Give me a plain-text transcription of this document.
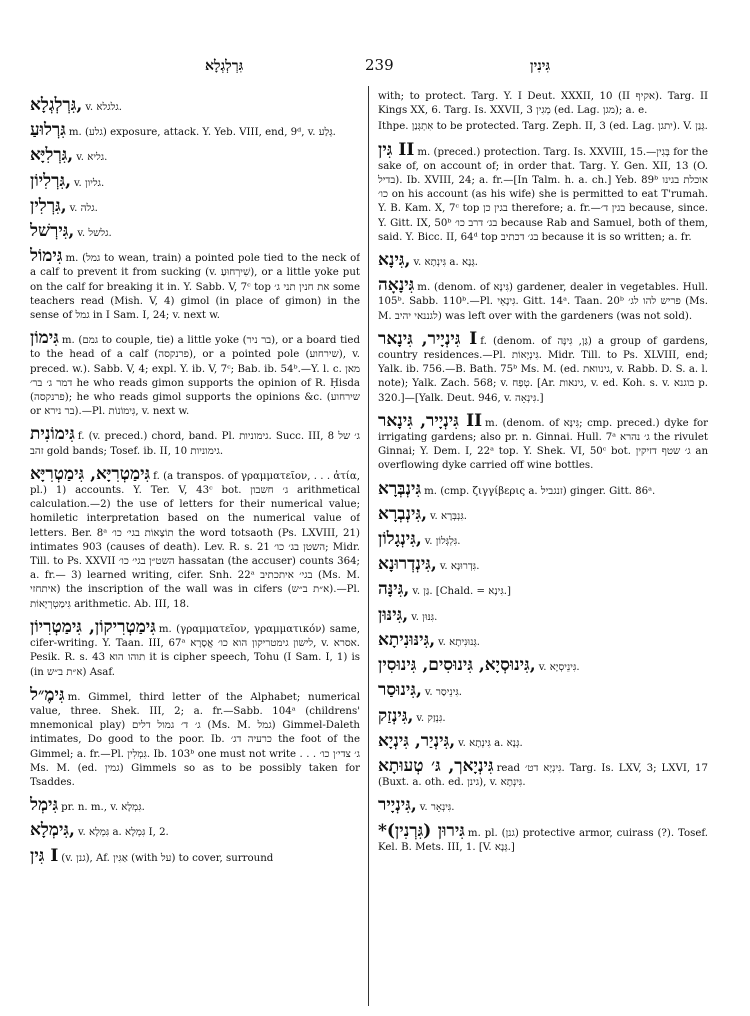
גִּרְלְגְלָא	239	גִּינִין
גִּרְלְגְלָא, v. גלגלא.
גִּרְלוּעַ m. (גלע) exposure, attack. Y. Yeb. VIII, end, 9ᵈ, v. גְּלַע.
גִּרְלִיָּא, v. גליא.
גִּרְלִיוֹן, v. גליון.
גִּרְלִין, v. גלה.
גִּירְשׁל, v. גלשל.
גִּימוֹל m. (גמל to wean, train) a pointed pole tied to the neck of a calf to prevent it from sucking (v. שִׁירְחוּעַ), or a little yoke put on the calf for breaking it in. Y. Sabb. V, 7ᶜ top את חנין תני ג׳ some teachers read (Mish. V, 4) gimol (in place of gimon) in the sense of גמל in I Sam. I, 24; v. next w.
גִּימוֹן m. (גמם to couple, tie) a little yoke (בר ניר), or a board tied to the head of a calf (פרנקסה), or a pointed pole (שירחוע), v. preced. w.). Sabb. V, 4; expl. Y. ib. V, 7ᶜ; Bab. ib. 54ᵇ.—Y. l. c. מאן דמר ג׳ בר׳ he who reads gimon supports the opinion of R. Ḥisda (פרנקסה); he who reads gimol supports the opinions &c. (שירחוע or בר נירא).—Pl. גִּימוֹנוֹת, v. next w.
גִּימוֹנִית f. (v. preced.) chord, band. Pl. גימוניות. Succ. III, 8 ג׳ של זהב gold bands; Tosef. ib. II, 10 גימוניות.
גִּימַטְרִיָּא, גִּימַטְרִיָּא f. (a transpos. of γραμματεῖον, . . . ἀτία, pl.) 1) accounts. Y. Ter. V, 43ᶜ bot. ג׳ חשבון arithmetical calculation.—2) the use of letters for their numerical value; homiletic interpretation based on the numerical value of letters. Ber. 8ᵃ תוֹצָאוֹת בגי׳ כו׳ the word totsaoth (Ps. LXVIII, 21) intimates 903 (causes of death). Lev. R. s. 21 השטן בג׳ כו׳; Midr. Till. to Ps. XXVII השט״ן בגי׳ כו׳ hassatan (the accuser) counts 364; a. fr.— 3) learned writing, cifer. Snh. 22ᵃ בגי׳ איתכתיב (Ms. M. איתחזי) the inscription of the wall was in cifers (א״ת ב״ש).—Pl. גִּימַטְרְיָאוֹת arithmetic. Ab. III, 18.
גִּימַטְרִיקוֹן, גִּימַטְרִיוֹן m. (γραμματεῖον, γραμματικόν) same, cifer-writing. Y. Taan. III, 67ᵃ לישון גימטריקון הוא כו׳ אֲסָרָא, v. אסרא. Pesik. R. s. 43 תוהו הוא it is cipher speech, Tohu (I Sam. I, 1) is (in א״ת ב״ש) Asaf.
גִּימֶ״ל m. Gimmel, third letter of the Alphabet; numerical value, three. Shek. III, 2; a. fr.—Sabb. 104ᵃ (childrens' mnemonical play) ג׳ ד׳ גמול דלים (Ms. M. גמל) Gimmel-Daleth intimates, Do good to the poor. Ib. כרעיה דג׳ the foot of the Gimmel; a. fr.—Pl. גִּמְלִין. Ib. 103ᵇ one must not write . . . ג׳ צדי׳ן כו׳ Ms. M. (ed. גמין) Gimmels so as to be possibly taken for Tsaddes.
גִּימְל pr. n. m., v. גִּמְלָא.
גִּימְלָא, v. גִּמְלָא a. גִּמְלָא I, 2.
גִּין I (v. גנן), Af. אַגִּין (with על) to cover, surround
with; to protect. Targ. Y. I Deut. XXXII, 10 (II אקיף). Targ. II Kings XX, 6. Targ. Is. XXVII, 3 מְגִין (ed. Lag. מגן); a. e.
Ithpe. אִתְגְּנַן to be protected. Targ. Zeph. II, 3 (ed. Lag. יתגן). V. גְּנַן.
גִּין II m. (preced.) protection. Targ. Is. XXVIII, 15.—בְּגִין for the sake of, on account of; in order that. Targ. Y. Gen. XII, 13 (O. בדיל). Ib. XVIII, 24; a. fr.—[In Talm. h. a. ch.] Yeb. 89ᵇ אוכלת בגינו כו׳ on his account (as his wife) she is permitted to eat T'rumah. Y. B. Kam. X, 7ᶜ top בגין כן therefore; a. fr.—בגין ד׳ because, since. Y. Gitt. IX, 50ᵇ בג׳ דרב כו׳ because Rab and Samuel, both of them, said. Y. Bicc. II, 64ᵈ top בג׳ דכתיב because it is so written; a. fr.
גִּינָא, v. גִּינְתָא a. גְּנָא.
גִּינָאָה m. (denom. of גִּינָּא) gardener, dealer in vegetables. Hull. 105ᵇ. Sabb. 110ᵇ.—Pl. גִּינָאֵי. Gitt. 14ᵃ. Taan. 20ᵇ פריש להו לג׳ (Ms. M. לגננאי יהיב) was left over with the gardeners (was not sold).
גִּינְיָיר, גִּינָאר I f. (denom. of גַּן, גִּינָּה) a group of gardens, country residences.—Pl. גִּינְיָאוֹת. Midr. Till. to Ps. XLVIII, end; Yalk. ib. 756.—B. Bath. 75ᵇ Ms. M. (ed. גינוואת, v. Rabb. D. S. a. l. note); Yalk. Zach. 568; v. טְפַח. [Ar. גינאות, v. ed. Koh. s. v. בוגנא p. 320.]—[Yalk. Deut. 946, v. גִּינְאָה.]
גִּינְיָיר, גִּינָאר II m. (denom. of גִּינָּא; cmp. preced.) dyke for irrigating gardens; also pr. n. Ginnai. Hull. 7ᵃ ג׳ נהרא the rivulet Ginnai; Y. Dem. I, 22ᵃ top. Y. Shek. VI, 50ᶜ bot. ג׳ שטף דזיקין an overflowing dyke carried off wine bottles.
גִּינְבְּרָא m. (cmp. ζιγγίβερις a. זנגביל) ginger. Gitt. 86ᵃ.
גִּינְבְרָא, v. גִּנְבְּרָא.
גִּינְגָלוֹן, v. גִּלְגְּלוֹן.
גִּינְדְרוּנָא, v. גִּדְרוּנָא.
גִּינָּה, v. גַּן. [Chald. = גִּינָא.]
גִּינּוּן, v. גִּנּוּן.
גִּינּוּנִיתָא, v. גְּנוּנִיתָא.
גִּינוּסְיָא, גִּינוּסִים, גִּינוּסִין, v. גִּינֵיסְיָא.
גִּינוּסַר, v. גִּינֵיסַר.
גִּינְזַק, v. גִּנְזַק.
גִּינְיַר, גִּינְיָא, v. גִּינְתָא a. גְּנָא.
גִּינְיָאך, גּ׳ טְעוּתָא read גִּינְיָא דט׳. Targ. Is. LXV, 3; LXVI, 17 (Buxt. a. oth. ed. גינן), v. גִּינְתָא.
גִּינְיָיר, v. גִּינְאָר.
*גִּירוּן (גִּרְנִין) m. pl. (גנן) protective armor, cuirass (?). Tosef. Kel. B. Mets. III, 1. [V. גְּנָא.]
